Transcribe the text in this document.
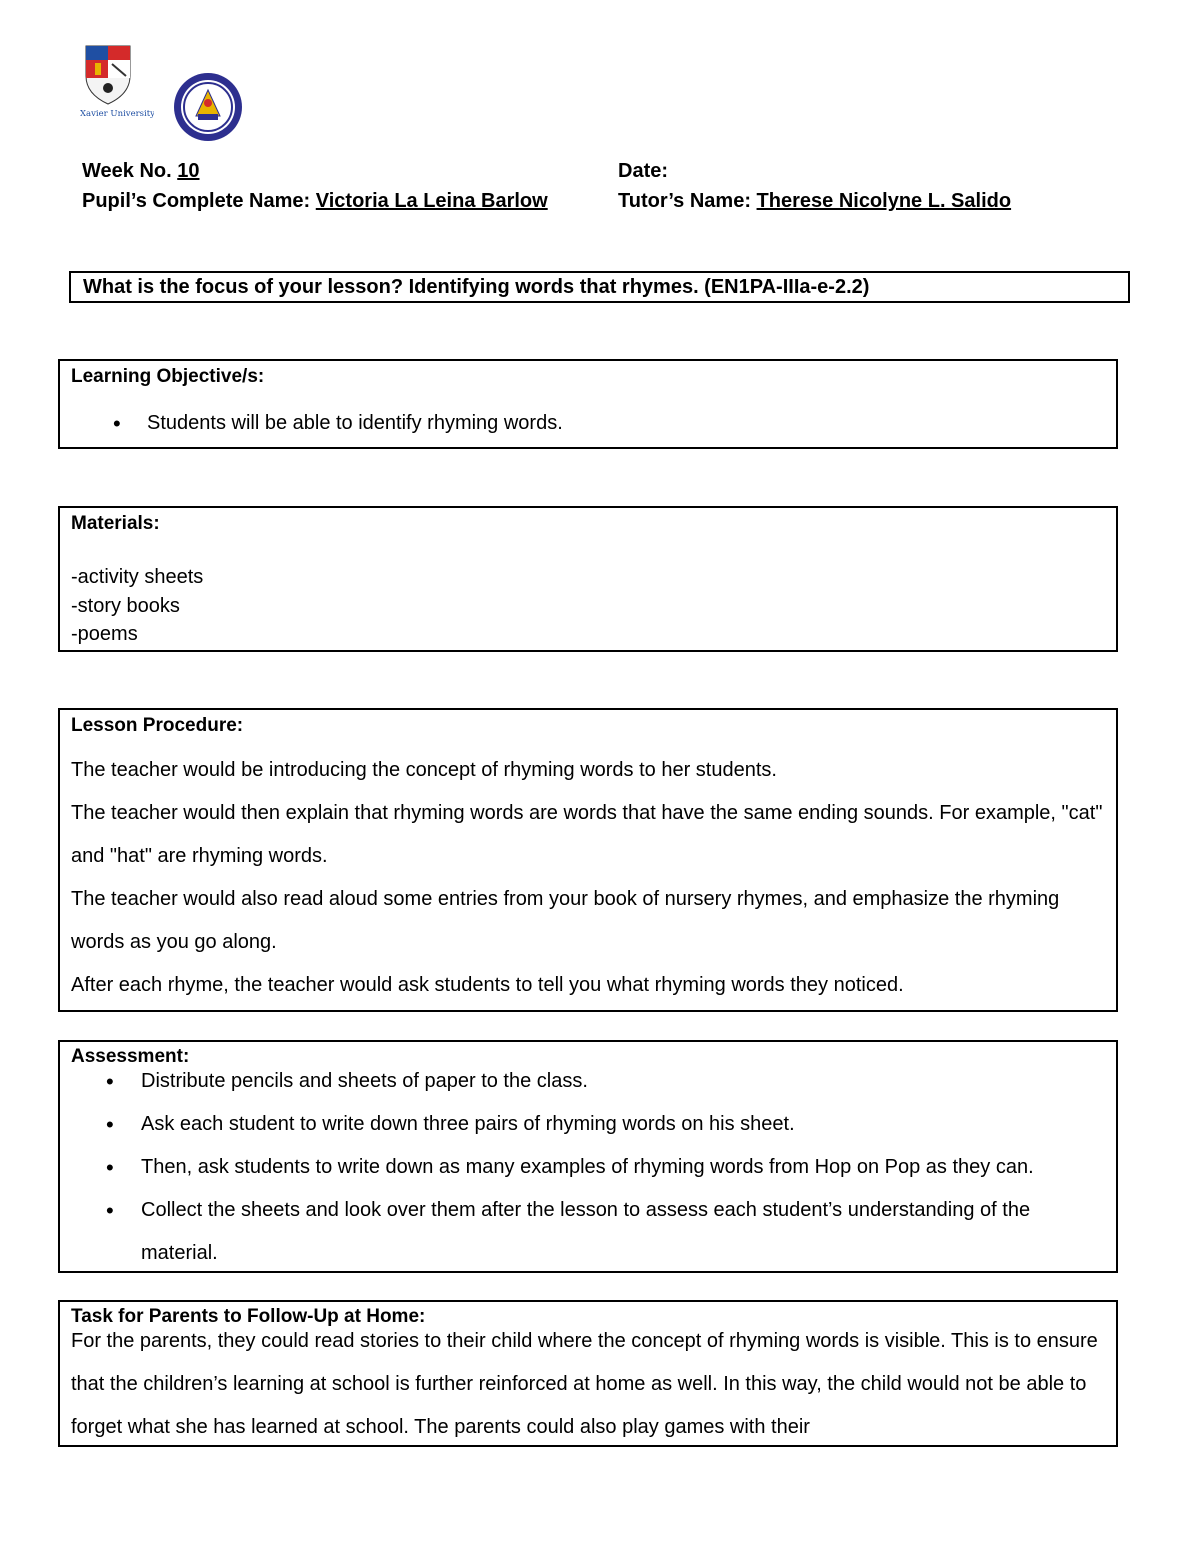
Xavier University
Week No. 10	Date:
Pupil’s Complete Name: Victoria La Leina Barlow	Tutor’s Name: Therese Nicolyne L. Salido
What is the focus of your lesson? Identifying words that rhymes. (EN1PA-IIIa-e-2.2)
Learning Objective/s:
• Students will be able to identify rhyming words.
Materials:
-activity sheets
-story books
-poems
Lesson Procedure:

The teacher would be introducing the concept of rhyming words to her students.

The teacher would then explain that rhyming words are words that have the same ending sounds. For example, "cat" and "hat" are rhyming words.

The teacher would also read aloud some entries from your book of nursery rhymes, and emphasize the rhyming words as you go along.

After each rhyme, the teacher would ask students to tell you what rhyming words they noticed.

Assessment:
• Distribute pencils and sheets of paper to the class.
• Ask each student to write down three pairs of rhyming words on his sheet.
• Then, ask students to write down as many examples of rhyming words from Hop on Pop as they can.
• Collect the sheets and look over them after the lesson to assess each student’s understanding of the material.
Task for Parents to Follow-Up at Home:

For the parents, they could read stories to their child where the concept of rhyming words is visible. This is to ensure that the children’s learning at school is further reinforced at home as well. In this way, the child would not be able to forget what she has learned at school. The parents could also play games with their
